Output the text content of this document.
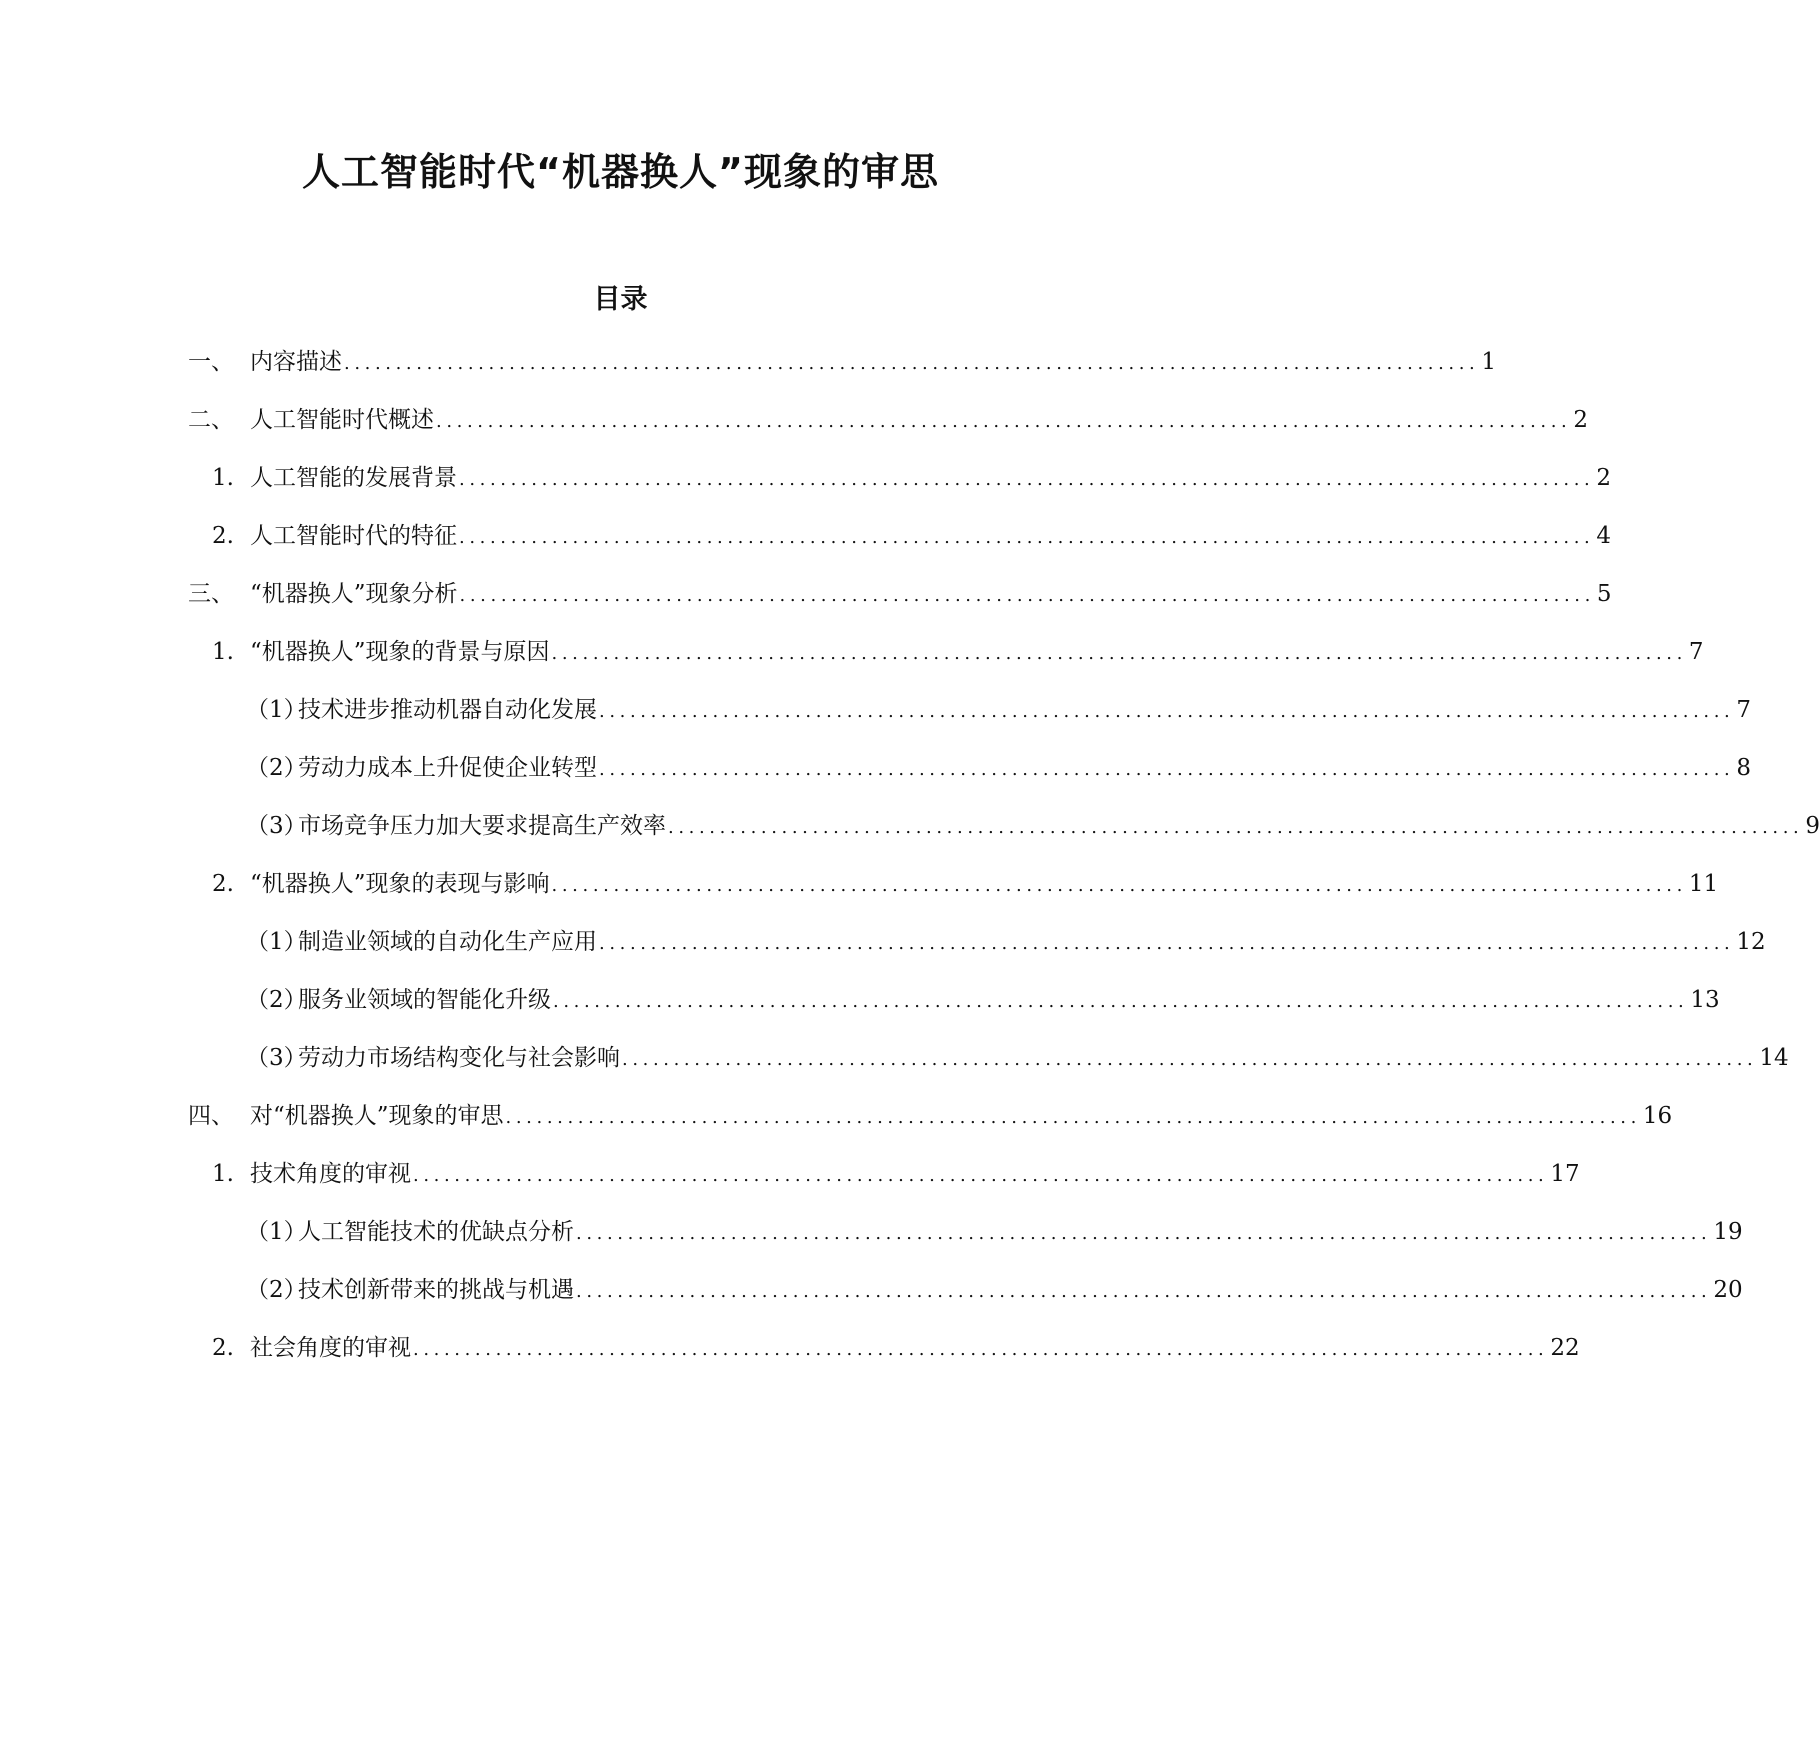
人工智能时代“机器换人”现象的审思
目录
一、 内容描述 .............................................................................................................. 1
二、 人工智能时代概述 .............................................................................................................. 2
1. 人工智能的发展背景 .............................................................................................................. 2
2. 人工智能时代的特征 .............................................................................................................. 4
三、 “机器换人”现象分析 .............................................................................................................. 5
1. “机器换人”现象的背景与原因 .............................................................................................................. 7
（1）
技术进步推动机器自动化发展 .............................................................................................................. 7
（2）
劳动力成本上升促使企业转型 .............................................................................................................. 8
（3）
市场竞争压力加大要求提高生产效率 .............................................................................................................. 9
2. “机器换人”现象的表现与影响 .............................................................................................................. 11
（1）
制造业领域的自动化生产应用 .............................................................................................................. 12
（2）
服务业领域的智能化升级 .............................................................................................................. 13
（3）
劳动力市场结构变化与社会影响 .............................................................................................................. 14
四、 对“机器换人”现象的审思 .............................................................................................................. 16
1. 技术角度的审视 .............................................................................................................. 17
（1）
人工智能技术的优缺点分析 .............................................................................................................. 19
（2）
技术创新带来的挑战与机遇 .............................................................................................................. 20
2. 社会角度的审视 .............................................................................................................. 22
